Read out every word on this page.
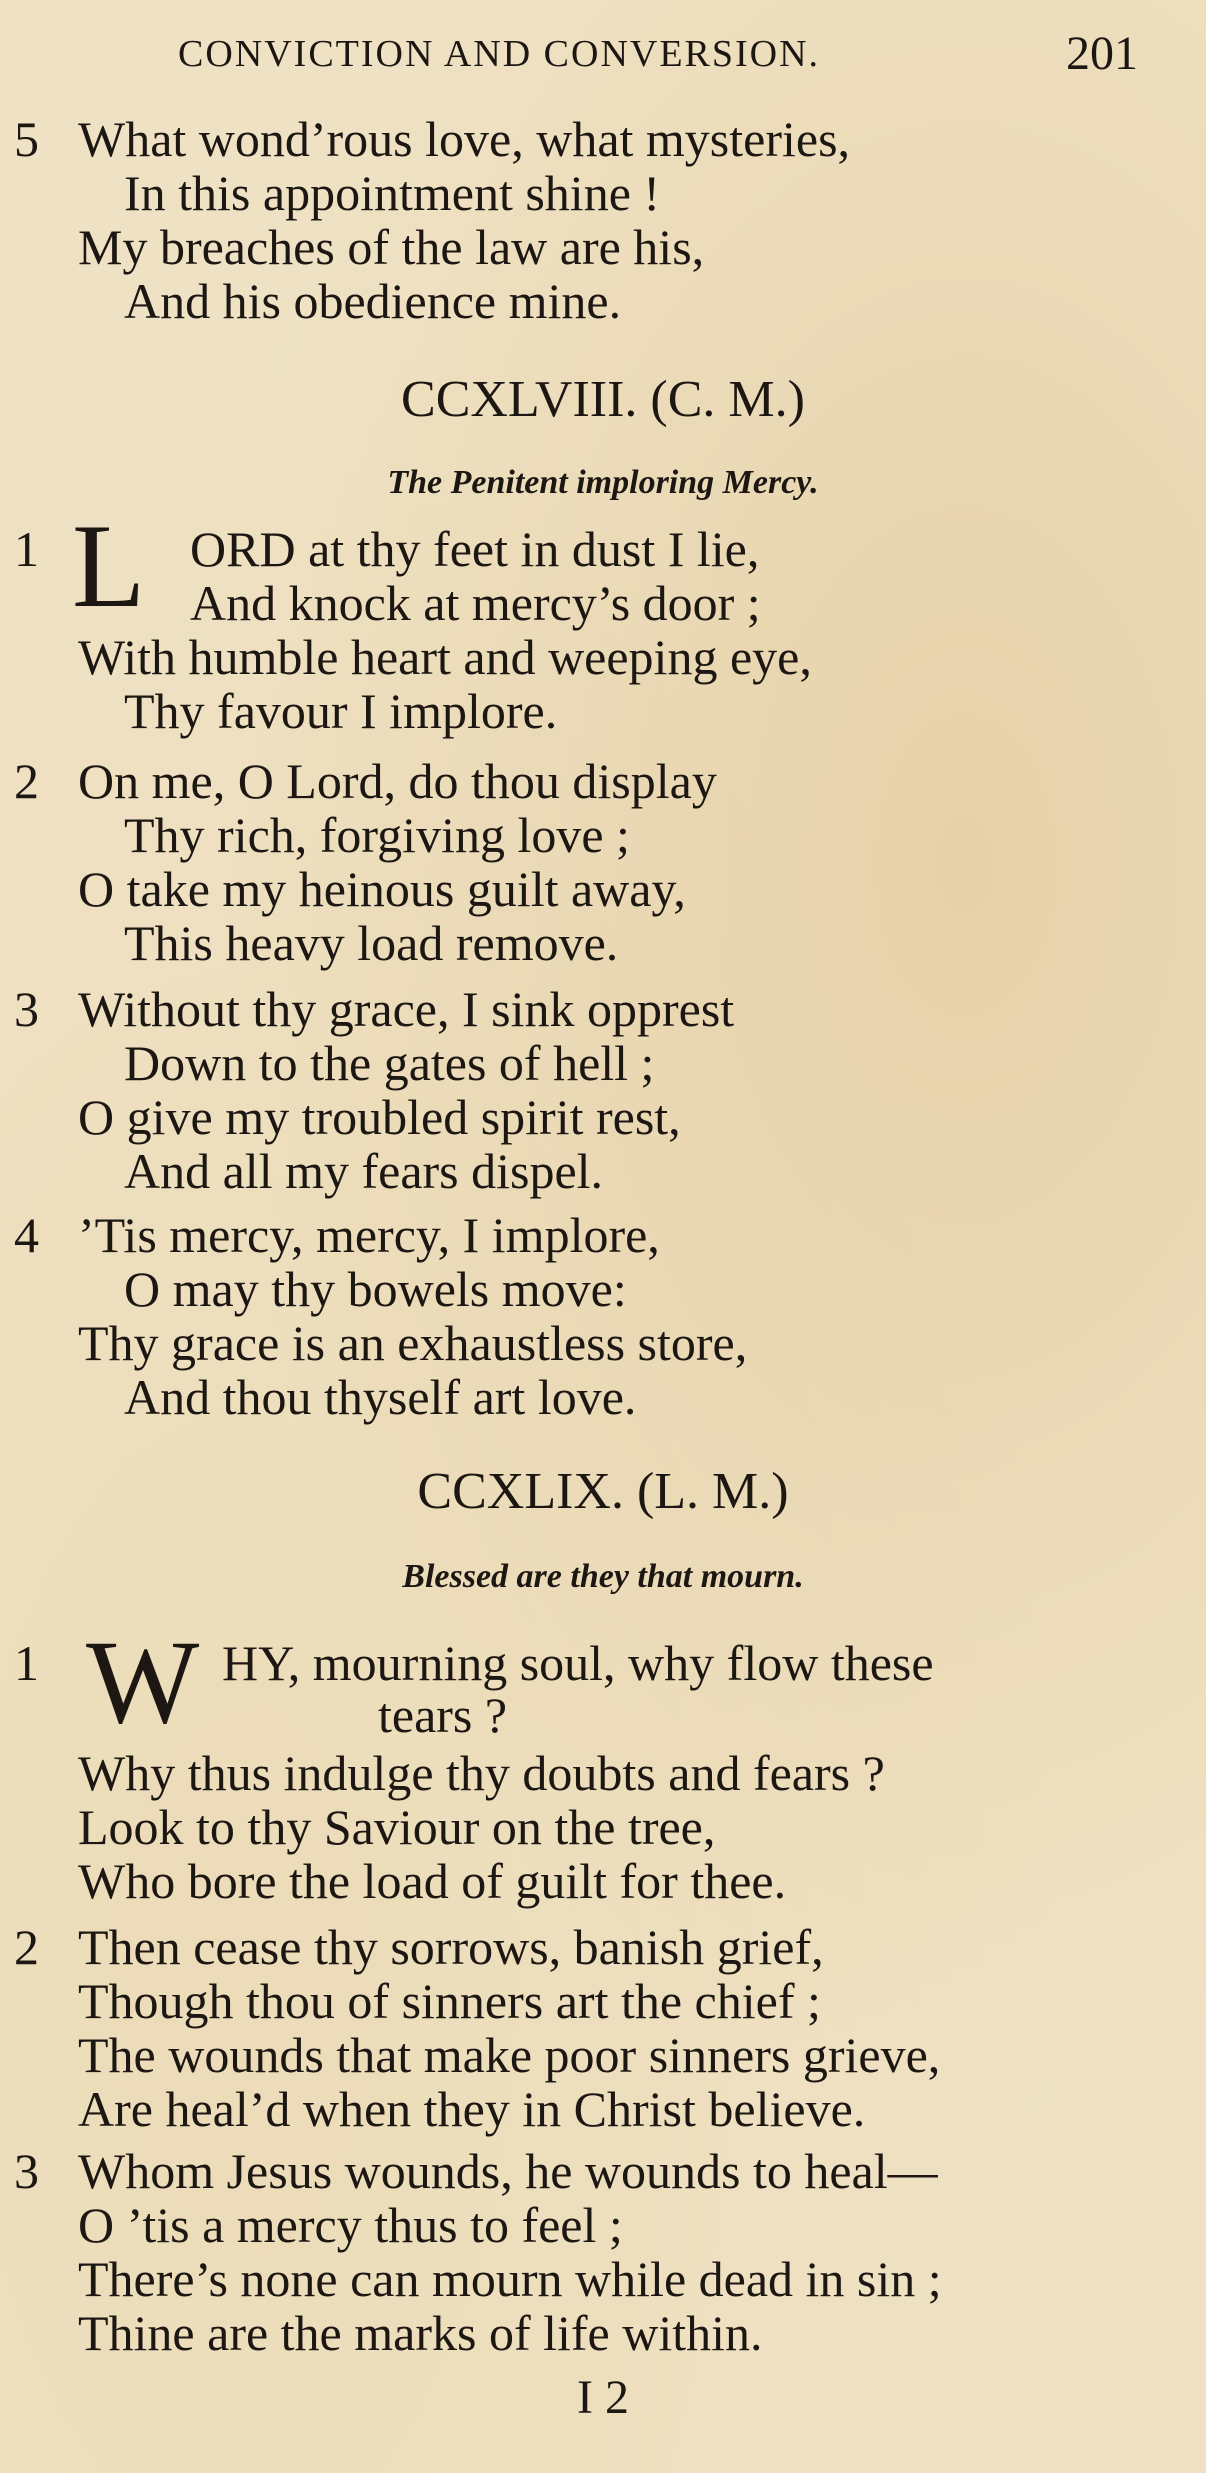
CONVICTION AND CONVERSION.	201
5 What wond’rous love, what mysteries,
In this appointment shine !
My breaches of the law are his,
And his obedience mine.
CCXLVIII. (C. M.)
The Penitent imploring Mercy.
1 L ORD at thy feet in dust I lie,
And knock at mercy’s door ;
With humble heart and weeping eye,
Thy favour I implore.
2 On me, O Lord, do thou display
Thy rich, forgiving love ;
O take my heinous guilt away,
This heavy load remove.
3 Without thy grace, I sink opprest
Down to the gates of hell ;
O give my troubled spirit rest,
And all my fears dispel.
4 ’Tis mercy, mercy, I implore,
O may thy bowels move:
Thy grace is an exhaustless store,
And thou thyself art love.
CCXLIX. (L. M.)
Blessed are they that mourn.
1 W HY, mourning soul, why flow these
tears ?
Why thus indulge thy doubts and fears ?
Look to thy Saviour on the tree,
Who bore the load of guilt for thee.
2 Then cease thy sorrows, banish grief,
Though thou of sinners art the chief ;
The wounds that make poor sinners grieve,
Are heal’d when they in Christ believe.
3 Whom Jesus wounds, he wounds to heal—
O ’tis a mercy thus to feel ;
There’s none can mourn while dead in sin ;
Thine are the marks of life within.
I 2
